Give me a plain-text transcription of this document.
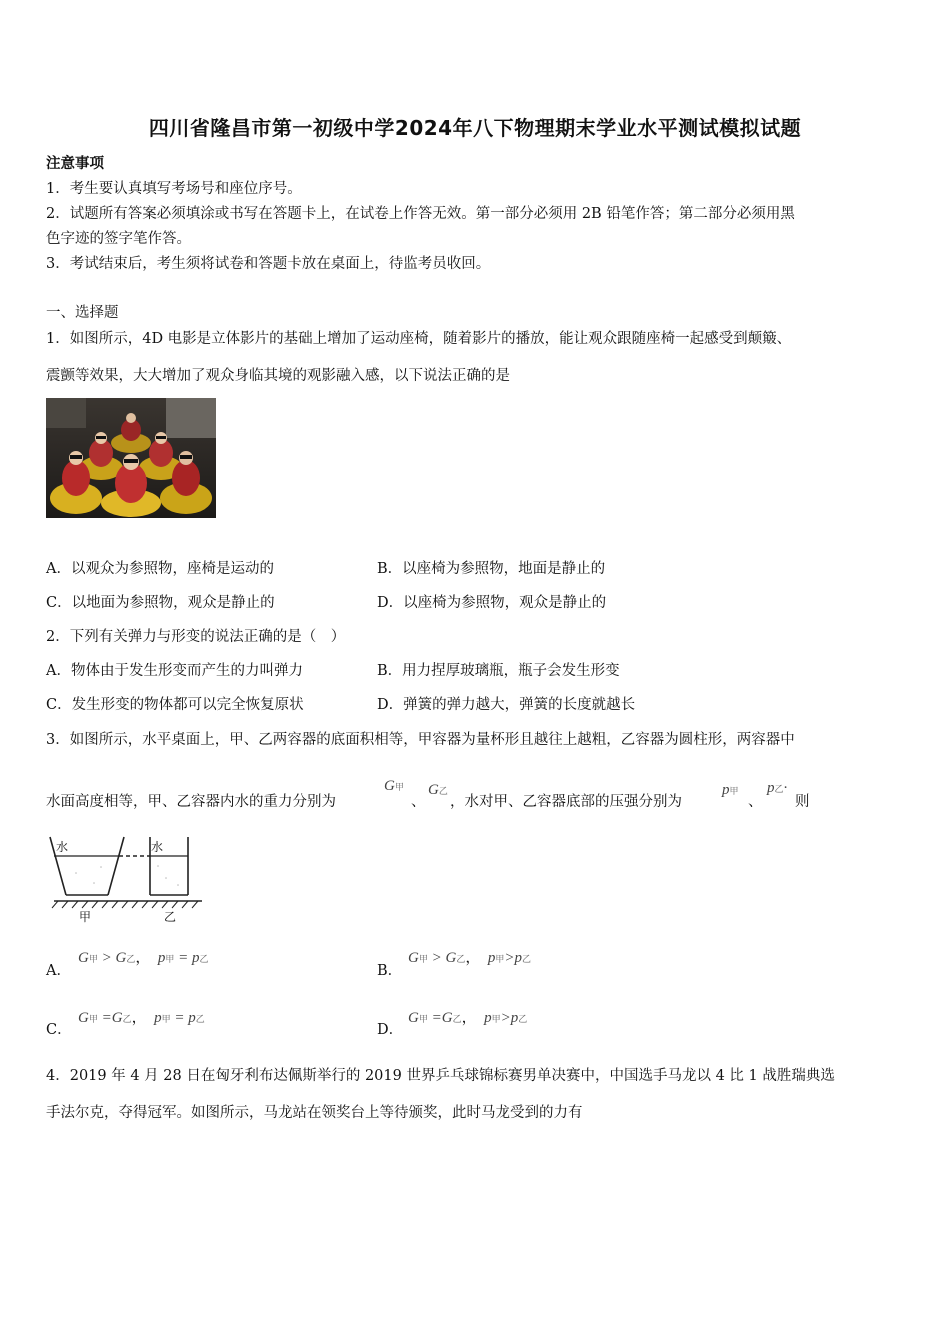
四川省隆昌市第一初级中学2024年八下物理期末学业水平测试模拟试题
注意事项
1．考生要认真填写考场号和座位序号。
2．试题所有答案必须填涂或书写在答题卡上，在试卷上作答无效。第一部分必须用 2B 铅笔作答；第二部分必须用黑
色字迹的签字笔作答。
3．考试结束后，考生须将试卷和答题卡放在桌面上，待监考员收回。
一、选择题
1．如图所示，4D 电影是立体影片的基础上增加了运动座椅，随着影片的播放，能让观众跟随座椅一起感受到颠簸、
震颤等效果，大大增加了观众身临其境的观影融入感，以下说法正确的是
A．以观众为参照物，座椅是运动的	B．以座椅为参照物，地面是静止的
C．以地面为参照物，观众是静止的	D．以座椅为参照物，观众是静止的
2．下列有关弹力与形变的说法正确的是（　）
A．物体由于发生形变而产生的力叫弹力	B．用力捏厚玻璃瓶，瓶子会发生形变
C．发生形变的物体都可以完全恢复原状	D．弹簧的弹力越大，弹簧的长度就越长
3．如图所示，水平桌面上，甲、乙两容器的底面积相等，甲容器为量杯形且越往上越粗，乙容器为圆柱形，两容器中
水面高度相等，甲、乙容器内水的重力分别为
G甲
、
G乙
，水对甲、乙容器底部的压强分别为
p甲
、
p乙·
则
水	水
甲	乙
A．
G甲 > G乙， p甲 = p乙
B．
G甲 > G乙， p甲>p乙
C．
G甲 =G乙， p甲 = p乙
D．
G甲 =G乙， p甲>p乙
4．2019 年 4 月 28 日在匈牙利布达佩斯举行的 2019 世界乒乓球锦标赛男单决赛中，中国选手马龙以 4 比 1 战胜瑞典选
手法尔克，夺得冠军。如图所示，马龙站在领奖台上等待颁奖，此时马龙受到的力有
